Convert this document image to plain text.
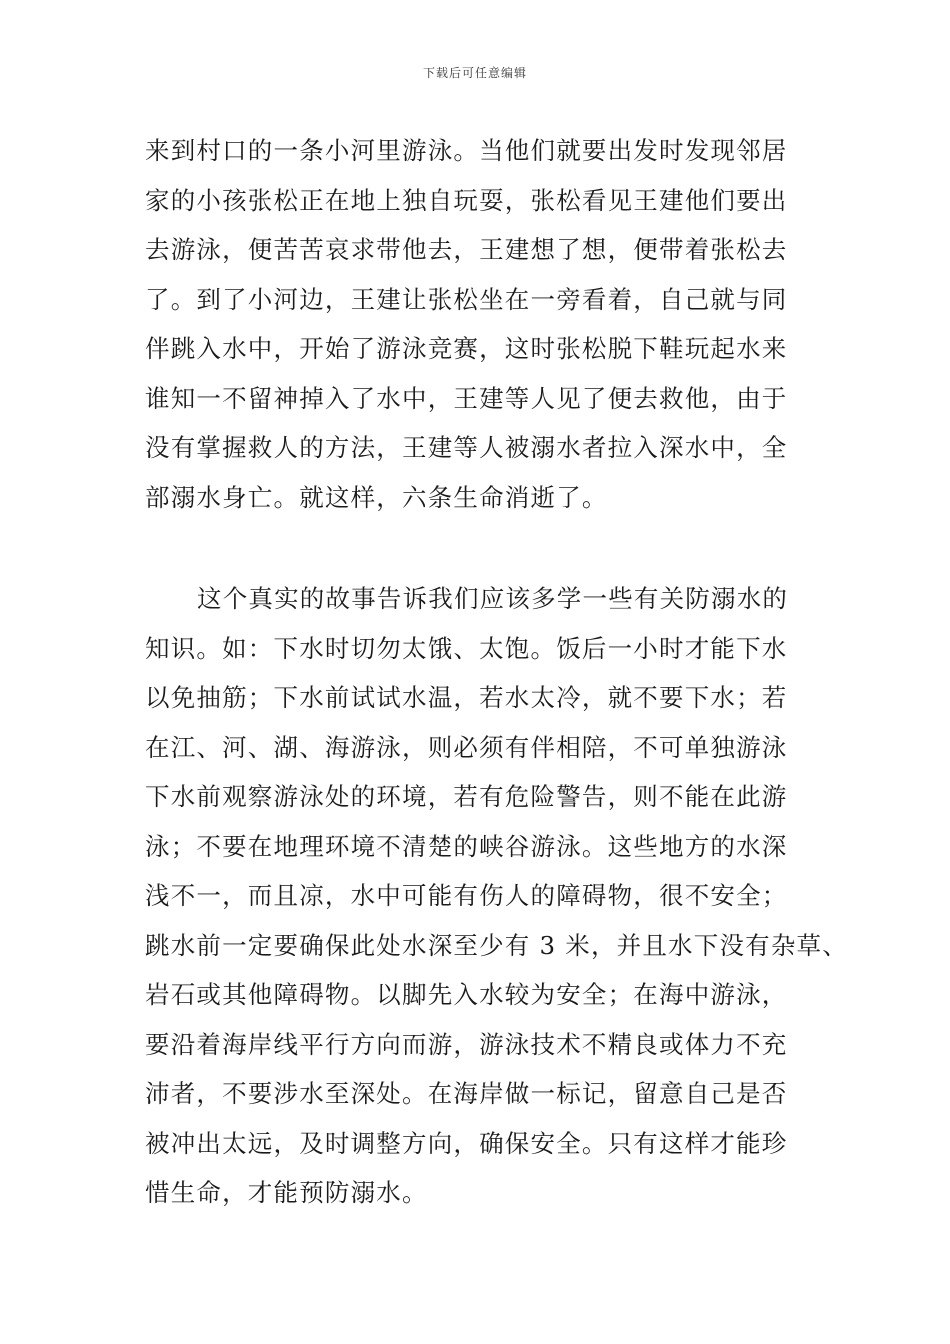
下载后可任意编辑
来到村口的一条小河里游泳。当他们就要出发时发现邻居
家的小孩张松正在地上独自玩耍，张松看见王建他们要出
去游泳，便苦苦哀求带他去，王建想了想，便带着张松去
了。到了小河边，王建让张松坐在一旁看着，自己就与同
伴跳入水中，开始了游泳竞赛，这时张松脱下鞋玩起水来
谁知一不留神掉入了水中，王建等人见了便去救他，由于
没有掌握救人的方法，王建等人被溺水者拉入深水中，全
部溺水身亡。就这样，六条生命消逝了。
这个真实的故事告诉我们应该多学一些有关防溺水的
知识。如：下水时切勿太饿、太饱。饭后一小时才能下水
以免抽筋；下水前试试水温，若水太冷，就不要下水；若
在江、河、湖、海游泳，则必须有伴相陪，不可单独游泳
下水前观察游泳处的环境，若有危险警告，则不能在此游
泳；不要在地理环境不清楚的峡谷游泳。这些地方的水深
浅不一，而且凉，水中可能有伤人的障碍物，很不安全；
跳水前一定要确保此处水深至少有 3 米，并且水下没有杂草、
岩石或其他障碍物。以脚先入水较为安全；在海中游泳，
要沿着海岸线平行方向而游，游泳技术不精良或体力不充
沛者，不要涉水至深处。在海岸做一标记，留意自己是否
被冲出太远，及时调整方向，确保安全。只有这样才能珍
惜生命，才能预防溺水。
